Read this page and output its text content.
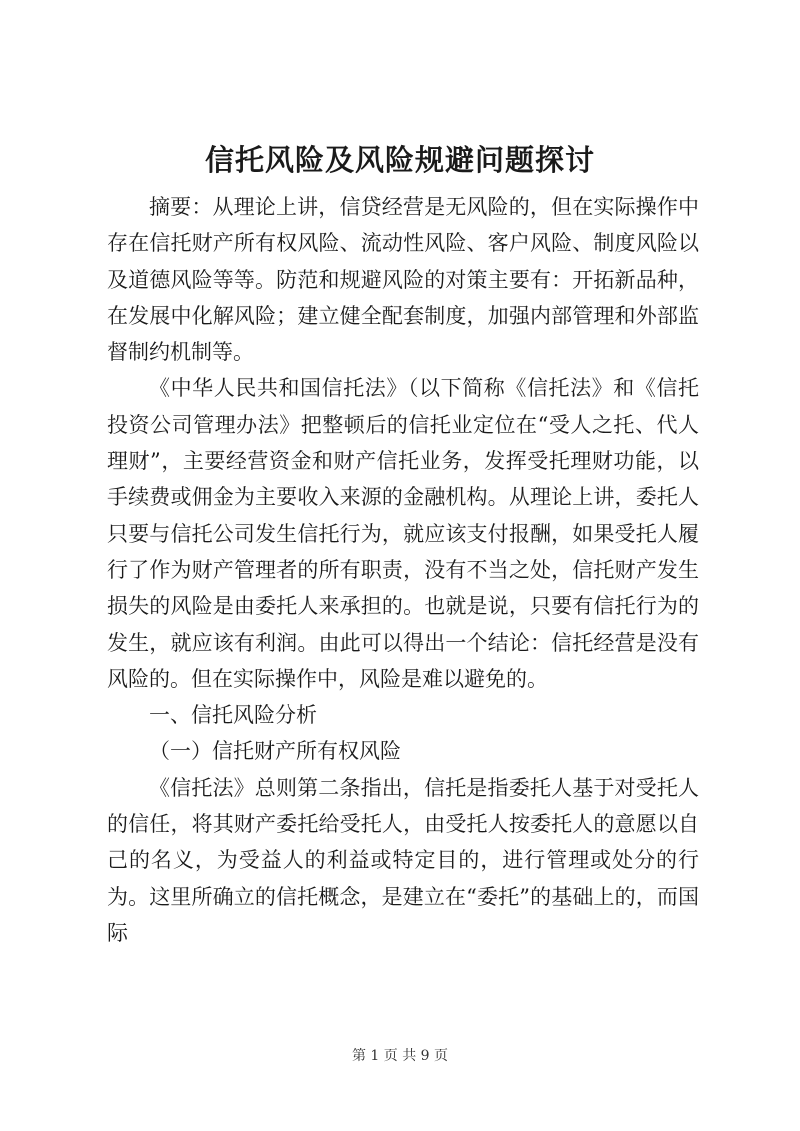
信托风险及风险规避问题探讨

摘要：从理论上讲，信贷经营是无风险的，但在实际操作中存在信托财产所有权风险、流动性风险、客户风险、制度风险以及道德风险等等。防范和规避风险的对策主要有：开拓新品种，在发展中化解风险；建立健全配套制度，加强内部管理和外部监督制约机制等。

《中华人民共和国信托法》（以下简称《信托法》和《信托投资公司管理办法》把整顿后的信托业定位在“受人之托、代人理财”，主要经营资金和财产信托业务，发挥受托理财功能，以手续费或佣金为主要收入来源的金融机构。从理论上讲，委托人只要与信托公司发生信托行为，就应该支付报酬，如果受托人履行了作为财产管理者的所有职责，没有不当之处，信托财产发生损失的风险是由委托人来承担的。也就是说，只要有信托行为的发生，就应该有利润。由此可以得出一个结论：信托经营是没有风险的。但在实际操作中，风险是难以避免的。

一、信托风险分析

（一）信托财产所有权风险

《信托法》总则第二条指出，信托是指委托人基于对受托人的信任，将其财产委托给受托人，由受托人按委托人的意愿以自己的名义，为受益人的利益或特定目的，进行管理或处分的行为。这里所确立的信托概念，是建立在“委托”的基础上的，而国际

第 1 页 共 9 页
